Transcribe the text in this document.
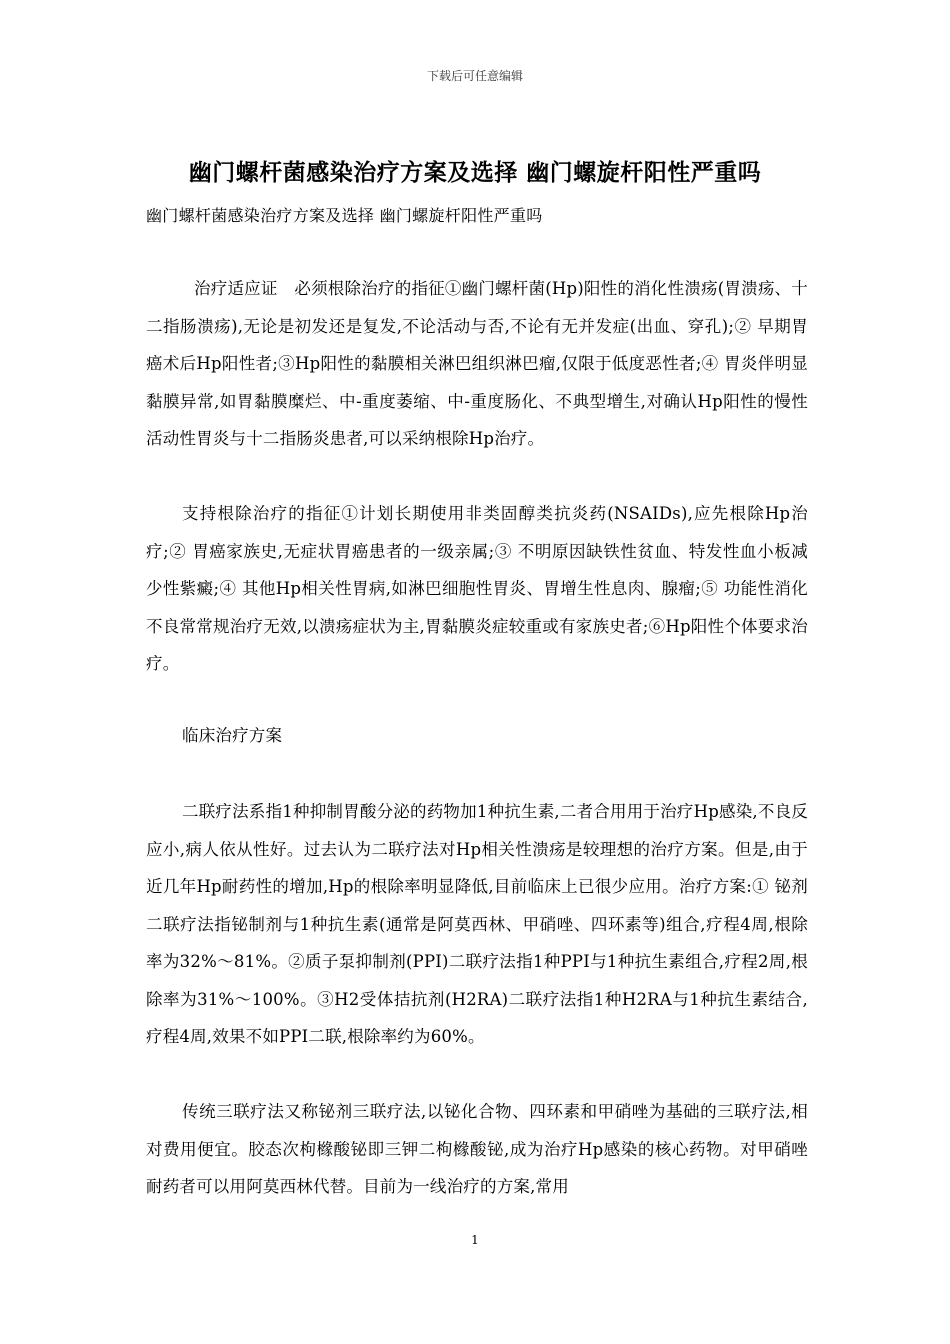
下载后可任意编辑
幽门螺杆菌感染治疗方案及选择 幽门螺旋杆阳性严重吗
幽门螺杆菌感染治疗方案及选择 幽门螺旋杆阳性严重吗

治疗适应证　必须根除治疗的指征①幽门螺杆菌(Hp)阳性的消化性溃疡(胃溃疡、十二指肠溃疡),无论是初发还是复发,不论活动与否,不论有无并发症(出血、穿孔);② 早期胃癌术后Hp阳性者;③Hp阳性的黏膜相关淋巴组织淋巴瘤,仅限于低度恶性者;④ 胃炎伴明显黏膜异常,如胃黏膜糜烂、中-重度萎缩、中-重度肠化、不典型增生,对确认Hp阳性的慢性活动性胃炎与十二指肠炎患者,可以采纳根除Hp治疗。

支持根除治疗的指征①计划长期使用非类固醇类抗炎药(NSAIDs),应先根除Hp治疗;② 胃癌家族史,无症状胃癌患者的一级亲属;③ 不明原因缺铁性贫血、特发性血小板减少性紫癜;④ 其他Hp相关性胃病,如淋巴细胞性胃炎、胃增生性息肉、腺瘤;⑤ 功能性消化不良常常规治疗无效,以溃疡症状为主,胃黏膜炎症较重或有家族史者;⑥Hp阳性个体要求治疗。

临床治疗方案

二联疗法系指1种抑制胃酸分泌的药物加1种抗生素,二者合用用于治疗Hp感染,不良反应小,病人依从性好。过去认为二联疗法对Hp相关性溃疡是较理想的治疗方案。但是,由于近几年Hp耐药性的增加,Hp的根除率明显降低,目前临床上已很少应用。治疗方案:① 铋剂二联疗法指铋制剂与1种抗生素(通常是阿莫西林、甲硝唑、四环素等)组合,疗程4周,根除率为32%～81%。②质子泵抑制剂(PPI)二联疗法指1种PPI与1种抗生素组合,疗程2周,根除率为31%～100%。③H2受体拮抗剂(H2RA)二联疗法指1种H2RA与1种抗生素结合,疗程4周,效果不如PPI二联,根除率约为60%。

传统三联疗法又称铋剂三联疗法,以铋化合物、四环素和甲硝唑为基础的三联疗法,相对费用便宜。胶态次枸橼酸铋即三钾二枸橼酸铋,成为治疗Hp感染的核心药物。对甲硝唑耐药者可以用阿莫西林代替。目前为一线治疗的方案,常用

1
